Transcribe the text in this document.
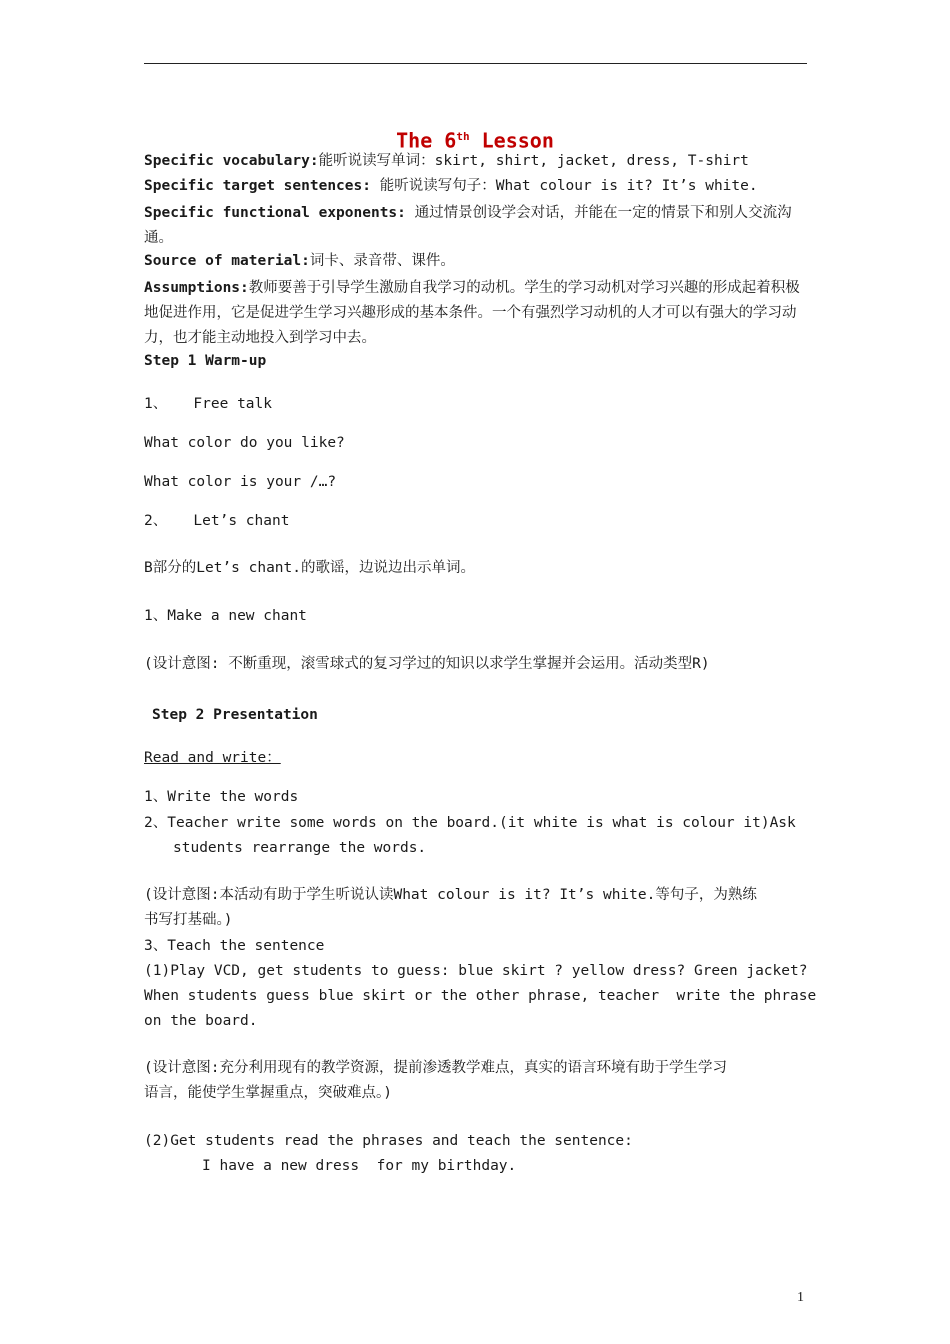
The 6th Lesson
Specific vocabulary:能听说读写单词：skirt, shirt, jacket, dress, T-shirt
Specific target sentences: 能听说读写句子：What colour is it? It’s white.
Specific functional exponents: 通过情景创设学会对话，并能在一定的情景下和别人交流沟通。
Source of material:词卡、录音带、课件。
Assumptions:教师要善于引导学生激励自我学习的动机。学生的学习动机对学习兴趣的形成起着积极地促进作用，它是促进学生学习兴趣形成的基本条件。一个有强烈学习动机的人才可以有强大的学习动力，也才能主动地投入到学习中去。
Step 1 Warm-up
1、   Free talk
What color do you like?
What color is your /…?
2、   Let’s chant
B部分的Let’s chant.的歌谣，边说边出示单词。
1、Make a new chant
(设计意图: 不断重现，滚雪球式的复习学过的知识以求学生掌握并会运用。活动类型R)
Step 2 Presentation
Read and write：
1、Write the words
2、Teacher write some words on the board.(it white is what is colour it)Ask
students rearrange the words.
(设计意图:本活动有助于学生听说认读What colour is it? It’s white.等句子，为熟练
书写打基础。)
3、Teach the sentence
(1)Play VCD, get students to guess: blue skirt ? yellow dress? Green jacket?
When students guess blue skirt or the other phrase, teacher  write the phrase
on the board.
(设计意图:充分利用现有的教学资源，提前渗透教学难点，真实的语言环境有助于学生学习
语言，能使学生掌握重点，突破难点。)
(2)Get students read the phrases and teach the sentence:
I have a new dress  for my birthday.
1
